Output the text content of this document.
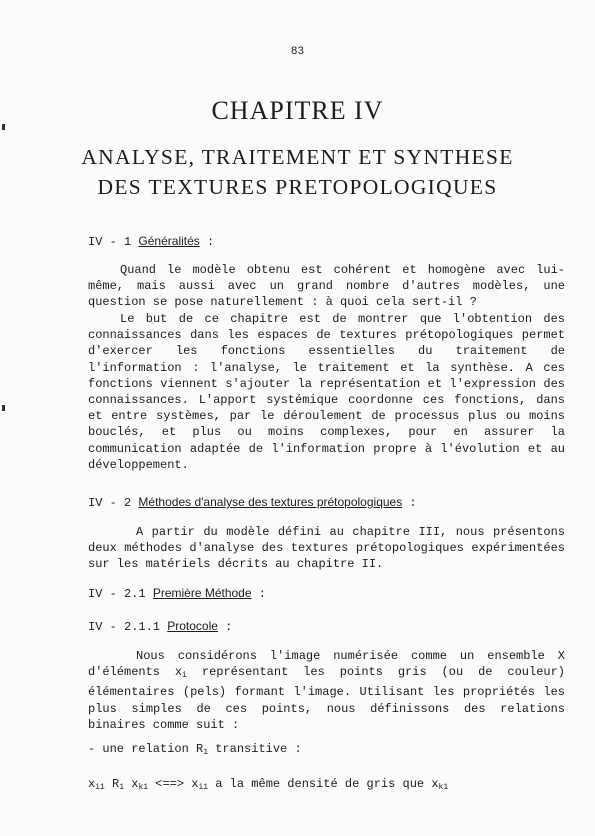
83
CHAPITRE IV
ANALYSE, TRAITEMENT ET SYNTHESE
DES TEXTURES PRETOPOLOGIQUES
IV - 1 Généralités :

Quand le modèle obtenu est cohérent et homogène avec lui-même, mais aussi avec un grand nombre d'autres modèles, une question se pose naturellement : à quoi cela sert-il ?

Le but de ce chapitre est de montrer que l'obtention des connaissances dans les espaces de textures prétopologiques permet d'exercer les fonctions essentielles du traitement de l'information : l'analyse, le traitement et la synthèse. A ces fonctions viennent s'ajouter la représentation et l'expression des connaissances. L'apport systémique coordonne ces fonctions, dans et entre systèmes, par le déroulement de processus plus ou moins bouclés, et plus ou moins complexes, pour en assurer la communication adaptée de l'information propre à l'évolution et au développement.

IV - 2 Méthodes d'analyse des textures prétopologiques :

A partir du modèle défini au chapitre III, nous présentons deux méthodes d'analyse des textures prétopologiques expérimentées sur les matériels décrits au chapitre II.

IV - 2.1 Première Méthode :
IV - 2.1.1 Protocole :

Nous considérons l'image numérisée comme un ensemble X d'éléments $x_i$ représentant les points gris (ou de couleur) élémentaires (pels) formant l'image. Utilisant les propriétés les plus simples de ces points, nous définissons des relations binaires comme suit :

- une relation $R_1$ transitive :
$x_{i1}$ $R_1$ $x_{k1}$ <==> $x_{i1}$ a la même densité de gris que $x_{k1}$
